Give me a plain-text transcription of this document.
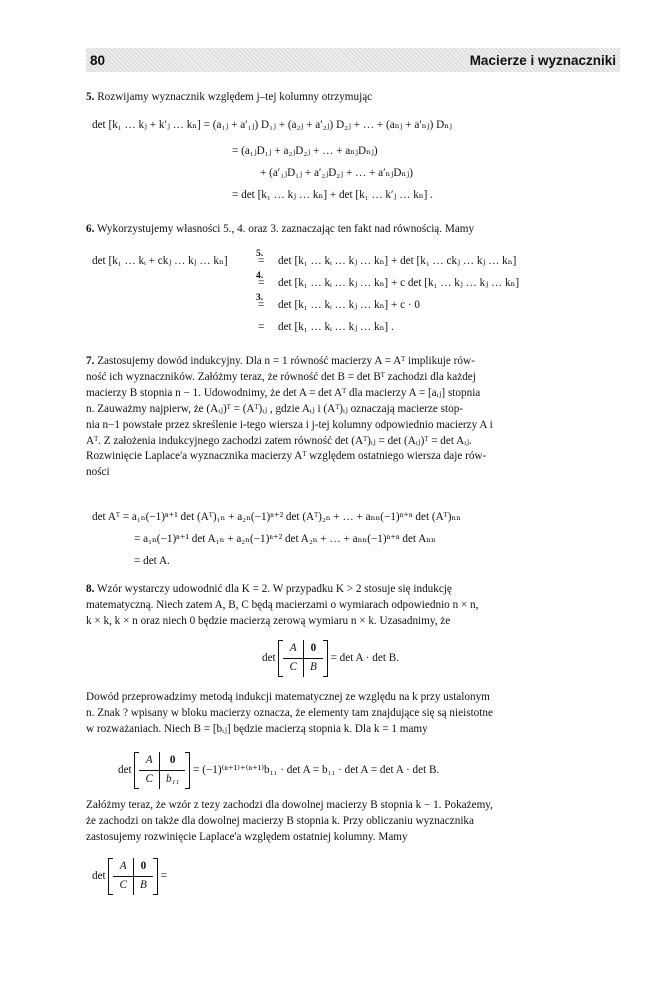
80	Macierze i wyznaczniki

5. Rozwijamy wyznacznik względem j–tej kolumny otrzymując

det [k₁ … kⱼ + k′ⱼ … kₙ] = (a₁ⱼ + a′₁ⱼ) D₁ⱼ + (a₂ⱼ + a′₂ⱼ) D₂ⱼ + … + (aₙⱼ + a′ₙⱼ) Dₙⱼ
= (a₁ⱼD₁ⱼ + a₂ⱼD₂ⱼ + … + aₙⱼDₙⱼ)
+ (a′₁ⱼD₁ⱼ + a′₂ⱼD₂ⱼ + … + a′ₙⱼDₙⱼ)
= det [k₁ … kⱼ … kₙ] + det [k₁ … k′ⱼ … kₙ] .

6. Wykorzystujemy własności 5., 4. oraz 3. zaznaczając ten fakt nad równością. Mamy

det [k₁ … kᵢ + ckⱼ … kⱼ … kₙ]
5.
= det [k₁ … kᵢ … kⱼ … kₙ] + det [k₁ … ckⱼ … kⱼ … kₙ]
4.
= det [k₁ … kᵢ … kⱼ … kₙ] + c det [k₁ … kⱼ … kⱼ … kₙ]
3.
= det [k₁ … kᵢ … kⱼ … kₙ] + c · 0
= det [k₁ … kᵢ … kⱼ … kₙ] .
7. Zastosujemy dowód indukcyjny. Dla n = 1 równość macierzy A = Aᵀ implikuje rów-
ność ich wyznaczników. Załóżmy teraz, że równość det B = det Bᵀ zachodzi dla każdej
macierzy B stopnia n − 1. Udowodnimy, że det A = det Aᵀ dla macierzy A = [aᵢⱼ] stopnia
n. Zauważmy najpierw, że (Aᵢⱼ)ᵀ = (Aᵀ)ᵢⱼ , gdzie Aᵢⱼ i (Aᵀ)ᵢⱼ oznaczają macierze stop-
nia n−1 powstałe przez skreślenie i-tego wiersza i j-tej kolumny odpowiednio macierzy A i
Aᵀ. Z założenia indukcyjnego zachodzi zatem równość det (Aᵀ)ᵢⱼ = det (Aᵢⱼ)ᵀ = det Aᵢⱼ.
Rozwinięcie Laplace'a wyznacznika macierzy Aᵀ względem ostatniego wiersza daje rów-
ności
det Aᵀ = a₁ₙ(−1)ⁿ⁺¹ det (Aᵀ)₁ₙ + a₂ₙ(−1)ⁿ⁺² det (Aᵀ)₂ₙ + … + aₙₙ(−1)ⁿ⁺ⁿ det (Aᵀ)ₙₙ
= a₁ₙ(−1)ⁿ⁺¹ det A₁ₙ + a₂ₙ(−1)ⁿ⁺² det A₂ₙ + … + aₙₙ(−1)ⁿ⁺ⁿ det Aₙₙ
= det A.
8. Wzór wystarczy udowodnić dla K = 2. W przypadku K > 2 stosuje się indukcję
matematyczną. Niech zatem A, B, C będą macierzami o wymiarach odpowiednio n × n,
k × k, k × n oraz niech 0 będzie macierzą zerową wymiaru n × k. Uzasadnimy, że
det
A	0
C	B
= det A · det B.
Dowód przeprowadzimy metodą indukcji matematycznej ze względu na k przy ustalonym
n. Znak ? wpisany w bloku macierzy oznacza, że elementy tam znajdujące się są nieistotne
w rozważaniach. Niech B = [bᵢⱼ] będzie macierzą stopnia k. Dla k = 1 mamy
det
A	0
C	b₁₁
= (−1)⁽ⁿ⁺¹⁾⁺⁽ⁿ⁺¹⁾b₁₁ · det A = b₁₁ · det A = det A · det B.
Załóżmy teraz, że wzór z tezy zachodzi dla dowolnej macierzy B stopnia k − 1. Pokażemy,
że zachodzi on także dla dowolnej macierzy B stopnia k. Przy obliczaniu wyznacznika
zastosujemy rozwinięcie Laplace'a względem ostatniej kolumny. Mamy
det
A	0
C	B
=
